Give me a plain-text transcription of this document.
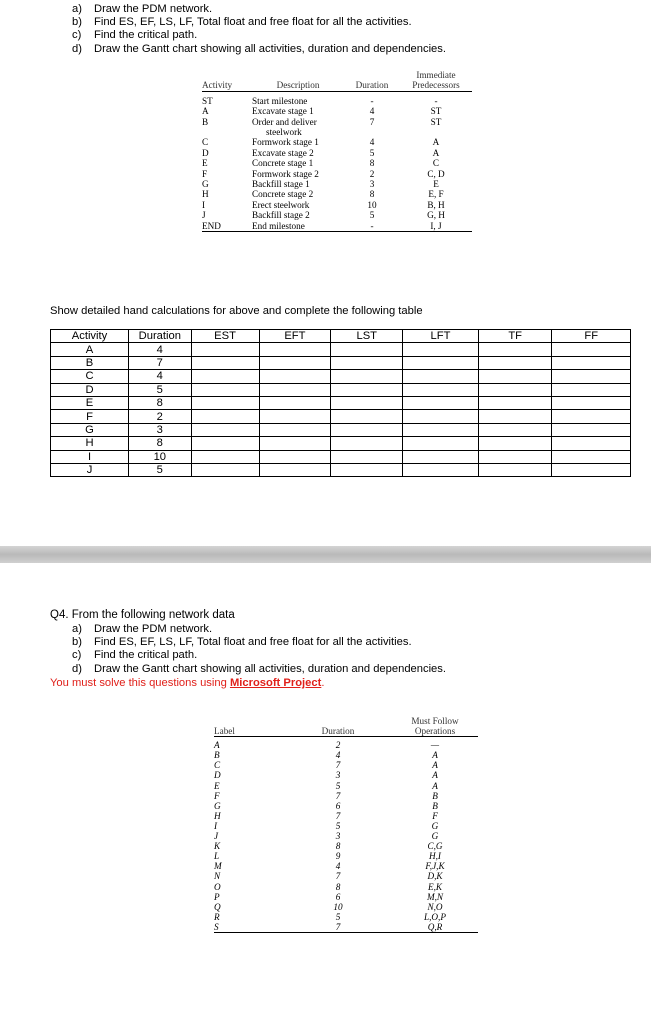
a) Draw the PDM network.
b) Find ES, EF, LS, LF, Total float and free float for all the activities.
c) Find the critical path.
d) Draw the Gantt chart showing all activities, duration and dependencies.
Activity	Description	Duration	Immediate
Predecessors
ST	Start milestone	-	-
A	Excavate stage 1	4	ST
B	Order and deliver	7	ST
	steelwork		
C	Formwork stage 1	4	A
D	Excavate stage 2	5	A
E	Concrete stage 1	8	C
F	Formwork stage 2	2	C, D
G	Backfill stage 1	3	E
H	Concrete stage 2	8	E, F
I	Erect steelwork	10	B, H
J	Backfill stage 2	5	G, H
END	End milestone	-	I, J
Show detailed hand calculations for above and complete the following table
Activity	Duration	EST	EFT	LST	LFT	TF	FF
A	4						
B	7						
C	4						
D	5						
E	8						
F	2						
G	3						
H	8						
I	10						
J	5						
Q4. From the following network data
a) Draw the PDM network.
b) Find ES, EF, LS, LF, Total float and free float for all the activities.
c) Find the critical path.
d) Draw the Gantt chart showing all activities, duration and dependencies.
You must solve this questions using Microsoft Project.
Label	Duration	Must Follow
Operations
A	2	—
B	4	A
C	7	A
D	3	A
E	5	A
F	7	B
G	6	B
H	7	F
I	5	G
J	3	G
K	8	C,G
L	9	H,I
M	4	F,J,K
N	7	D,K
O	8	E,K
P	6	M,N
Q	10	N,O
R	5	L,O,P
S	7	Q,R
